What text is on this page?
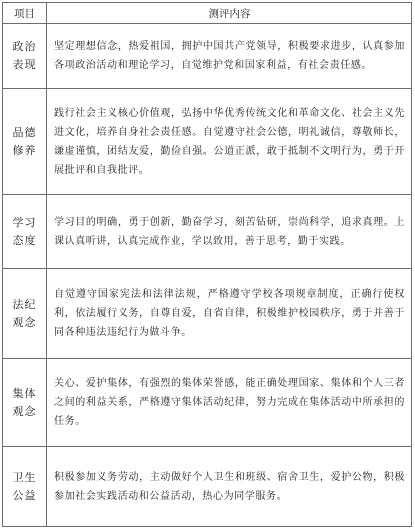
项目	测评内容
政治表现
坚定理想信念，热爱祖国，拥护中国共产党领导，积极要求进步，认真参加各项政治活动和理论学习，自觉维护党和国家利益，有社会责任感。
品德修养
践行社会主义核心价值观，弘扬中华优秀传统文化和革命文化、社会主义先进文化，培养自身社会责任感。自觉遵守社会公德，明礼诚信，尊敬师长，谦虚谨慎，团结友爱，勤俭自强。公道正派，敢于抵制不文明行为，勇于开展批评和自我批评。
学习态度
学习目的明确，勇于创新，勤奋学习，刻苦钻研，崇尚科学，追求真理。上课认真听讲，认真完成作业，学以致用，善于思考，勤于实践。
法纪观念
自觉遵守国家宪法和法律法规，严格遵守学校各项规章制度，正确行使权利，依法履行义务，自尊自爱，自省自律，积极维护校园秩序，勇于并善于同各种违法违纪行为做斗争。
集体观念
关心、爱护集体，有强烈的集体荣誉感，能正确处理国家、集体和个人三者之间的利益关系，严格遵守集体活动纪律，努力完成在集体活动中所承担的任务。
卫生公益
积极参加义务劳动，主动做好个人卫生和班级、宿舍卫生，爱护公物，积极参加社会实践活动和公益活动，热心为同学服务。
